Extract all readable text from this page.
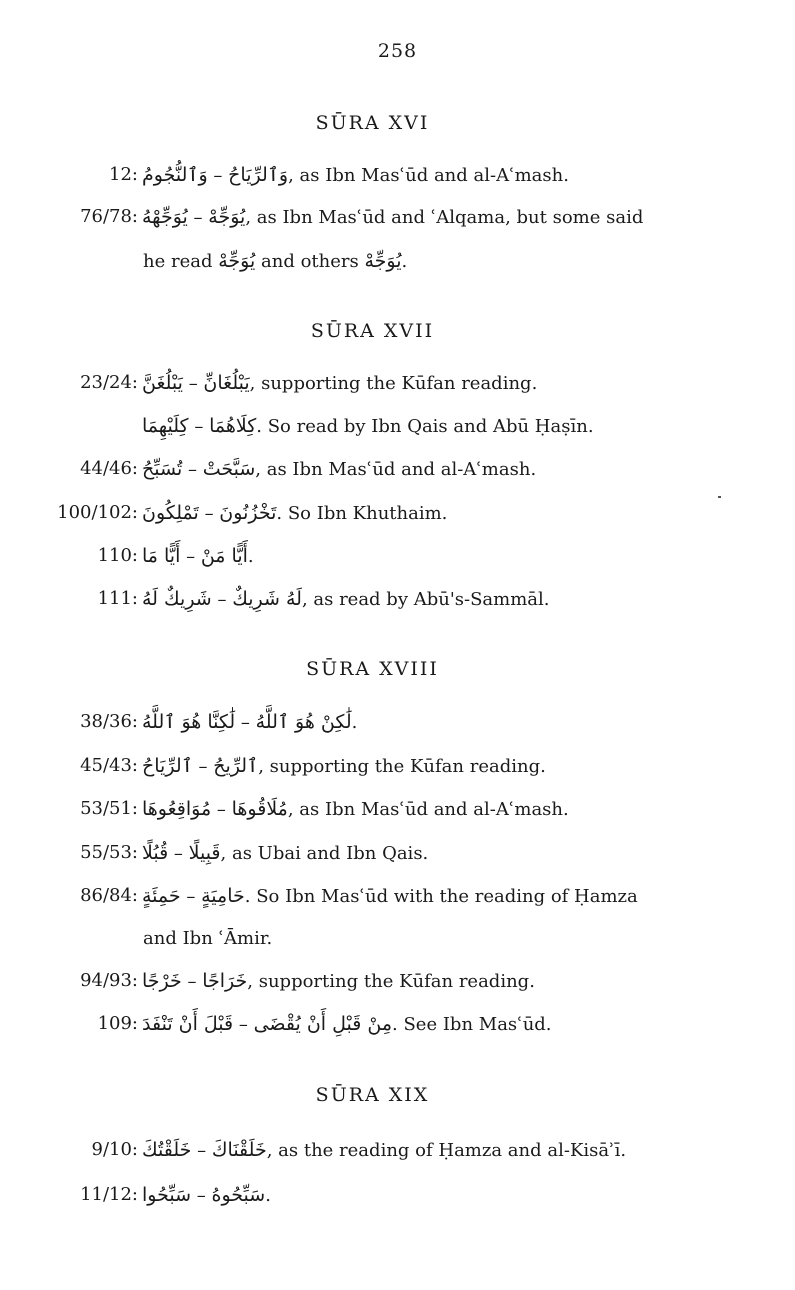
258
SŪRA XVI
12: وَٱلنُّجُومُ – وَٱلرِّيَاحُ, as Ibn Masʿūd and al-Aʿmash.
76/78: يُوَجِّهْهُ – يُوَجِّهْ, as Ibn Masʿūd and ʿAlqama, but some said
he read يُوَجِّهْ and others يُوَجِّهْ.
SŪRA XVII
23/24: يَبْلُغَنَّ – يَبْلُغَانِّ, supporting the Kūfan reading.
كِلَيْهِمَا – كِلَاهُمَا. So read by Ibn Qais and Abū Ḥaṣīn.
44/46: تُسَبِّحُ – سَبَّحَتْ, as Ibn Masʿūd and al-Aʿmash.
100/102: تَمْلِكُونَ – تَخْزُنُونَ. So Ibn Khuthaim.
110: أَيًّا مَا – أَيًّا مَنْ.
111: شَرِيكٌ لَهُ – لَهُ شَرِيكٌ, as read by Abū's-Sammāl.
SŪRA XVIII
38/36: لَٰكِنَّا هُوَ ٱللَّهُ – لَٰكِنْ هُوَ ٱللَّهُ.
45/43: ٱلرِّيَاحُ – ٱلرِّيحُ, supporting the Kūfan reading.
53/51: مُوَاقِعُوهَا – مُلَاقُوهَا, as Ibn Masʿūd and al-Aʿmash.
55/53: قُبُلًا – قَبِيلًا, as Ubai and Ibn Qais.
86/84: حَمِئَةٍ – حَامِيَةٍ. So Ibn Masʿūd with the reading of Ḥamza
and Ibn ʿĀmir.
94/93: خَرْجًا – خَرَاجًا, supporting the Kūfan reading.
109: قَبْلَ أَنْ تَنْفَدَ – مِنْ قَبْلِ أَنْ يُقْضَى. See Ibn Masʿūd.
SŪRA XIX
9/10: خَلَقْتُكَ – خَلَقْنَاكَ, as the reading of Ḥamza and al-Kisāʾī.
11/12: سَبِّحُوا – سَبِّحُوهُ.
